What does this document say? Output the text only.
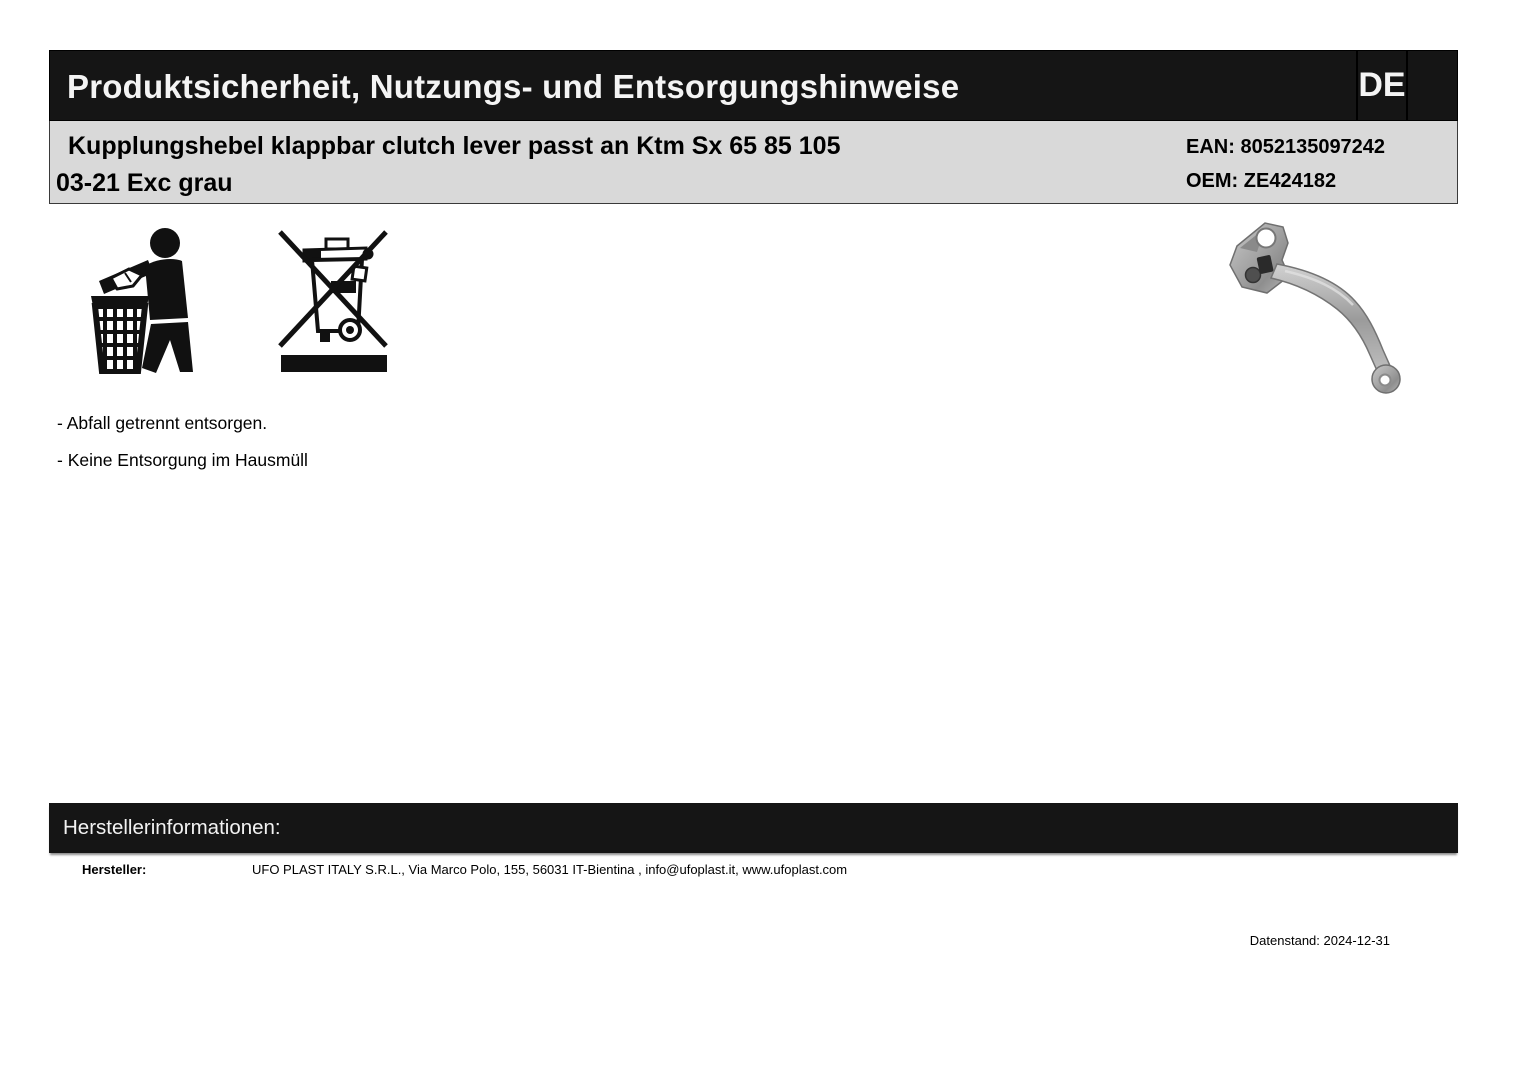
Produktsicherheit, Nutzungs- und Entsorgungshinweise	DE
Kupplungshebel klappbar clutch lever passt an Ktm Sx 65 85 105
03-21 Exc grau
EAN: 8052135097242
OEM: ZE424182
- Abfall getrennt entsorgen.
- Keine Entsorgung im Hausmüll
Herstellerinformationen:
Hersteller:	UFO PLAST ITALY S.R.L., Via Marco Polo, 155, 56031 IT-Bientina , info@ufoplast.it, www.ufoplast.com
Datenstand: 2024-12-31
